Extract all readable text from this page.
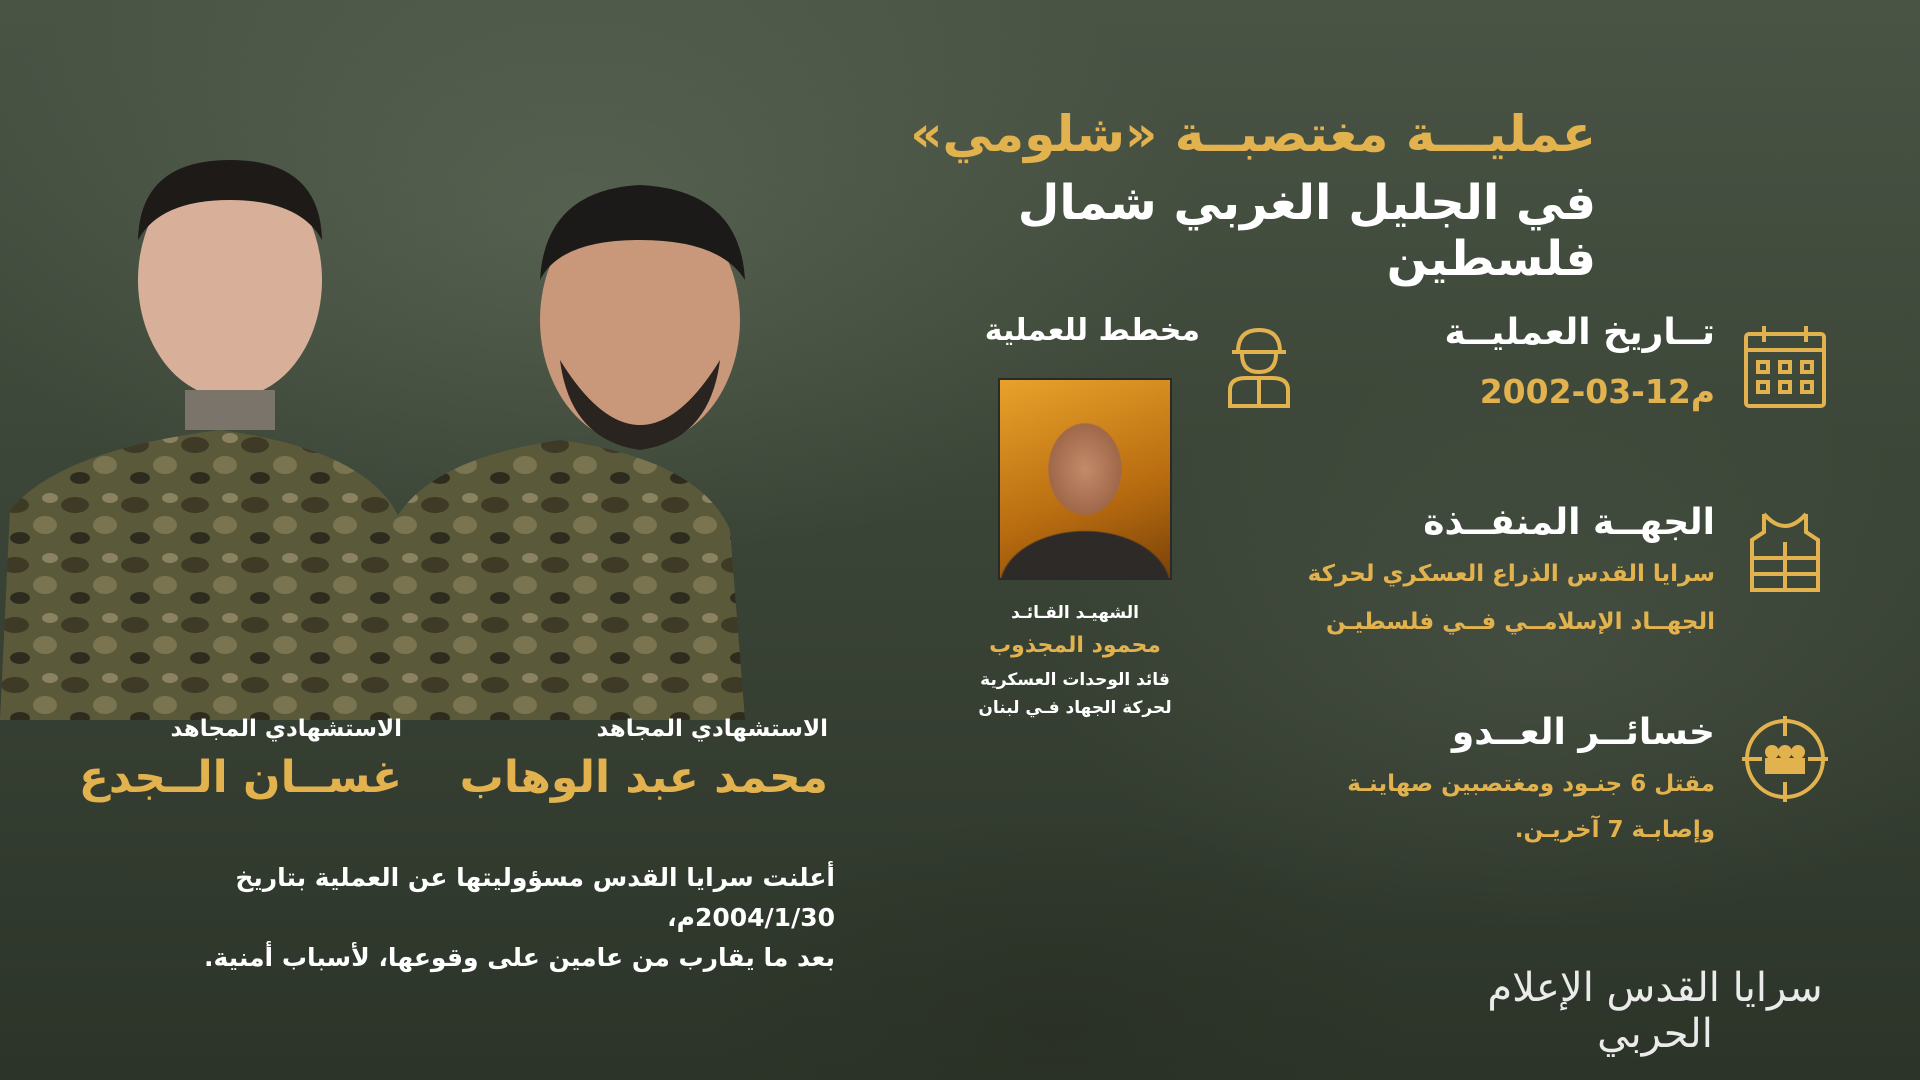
عمليـــة مغتصبــة «شلومي»
في الجليل الغربي شمال فلسطين
تــاريخ العمليــة
2002-03-12م
الجهــة المنفــذة
سرايا القدس الذراع العسكري لحركة
الجهــاد الإسلامــي فــي فلسطيـن
خسائــر العــدو
مقتل 6 جنـود ومغتصبين صهاينـة
وإصابـة 7 آخريـن.
مخطط للعملية
الشهيـد القـائـد
محمود المجذوب
قائد الوحدات العسكرية
لحركة الجهاد فـي لبنان
الاستشهادي المجاهد
محمد عبد الوهاب
الاستشهادي المجاهد
غســان الــجدع
أعلنت سرايا القدس مسؤوليتها عن العملية بتاريخ 2004/1/30م،
بعد ما يقارب من عامين على وقوعها، لأسباب أمنية.
سرايا القدس الإعلام الحربي
